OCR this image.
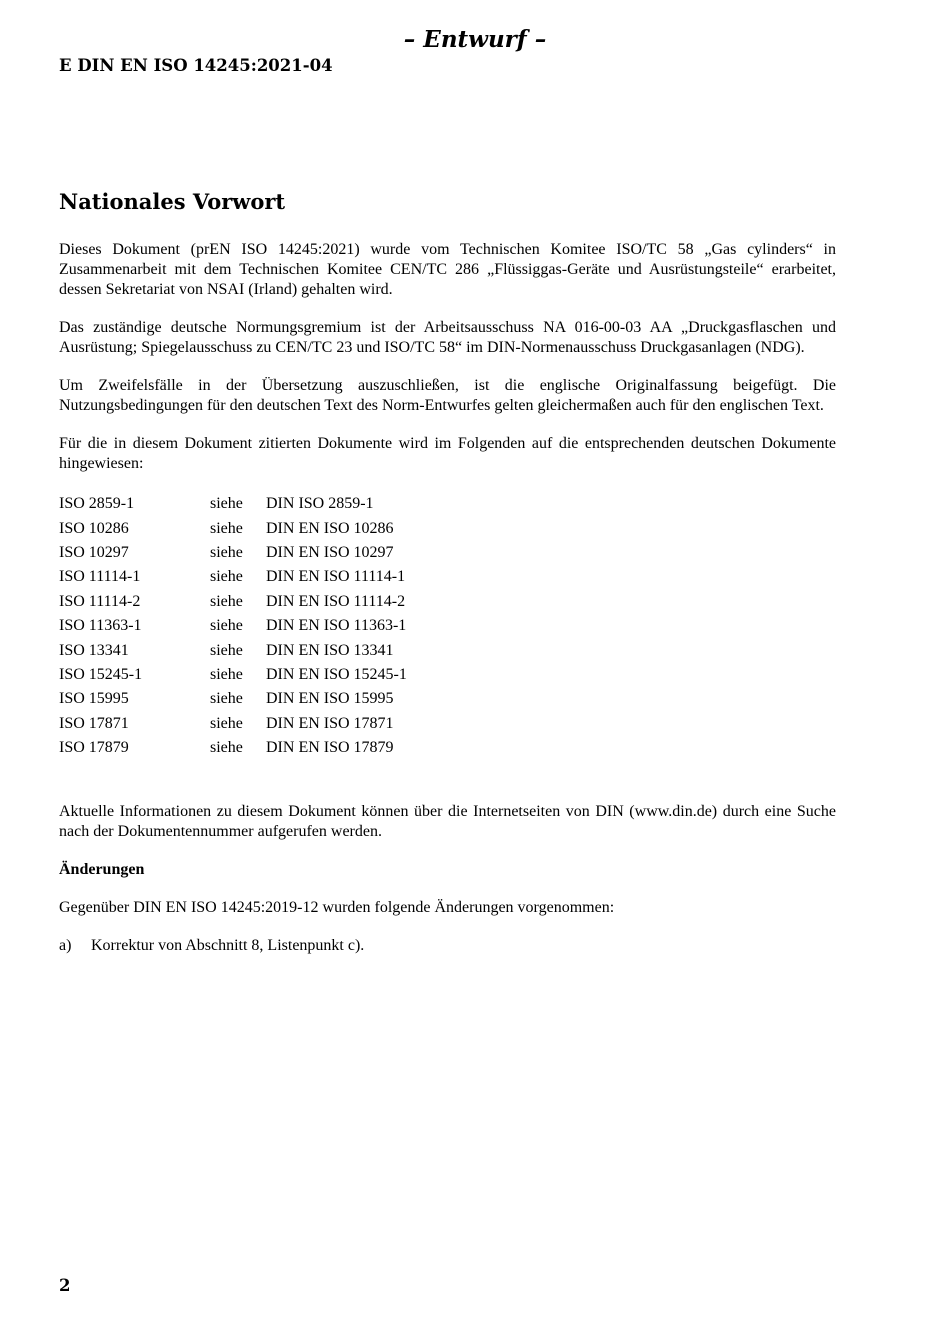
– Entwurf –
E DIN EN ISO 14245:2021-04
Nationales Vorwort

Dieses Dokument (prEN ISO 14245:2021) wurde vom Technischen Komitee ISO/TC 58 „Gas cylinders“ in Zusammenarbeit mit dem Technischen Komitee CEN/TC 286 „Flüssiggas-Geräte und Ausrüstungsteile“ erarbeitet, dessen Sekretariat von NSAI (Irland) gehalten wird.

Das zuständige deutsche Normungsgremium ist der Arbeitsausschuss NA 016-00-03 AA „Druckgasflaschen und Ausrüstung; Spiegelausschuss zu CEN/TC 23 und ISO/TC 58“ im DIN-Normenausschuss Druckgasanlagen (NDG).

Um Zweifelsfälle in der Übersetzung auszuschließen, ist die englische Originalfassung beigefügt. Die Nutzungsbedingungen für den deutschen Text des Norm-Entwurfes gelten gleichermaßen auch für den englischen Text.

Für die in diesem Dokument zitierten Dokumente wird im Folgenden auf die entsprechenden deutschen Dokumente hingewiesen:

ISO 2859-1	siehe	DIN ISO 2859-1
ISO 10286	siehe	DIN EN ISO 10286
ISO 10297	siehe	DIN EN ISO 10297
ISO 11114-1	siehe	DIN EN ISO 11114-1
ISO 11114-2	siehe	DIN EN ISO 11114-2
ISO 11363-1	siehe	DIN EN ISO 11363-1
ISO 13341	siehe	DIN EN ISO 13341
ISO 15245-1	siehe	DIN EN ISO 15245-1
ISO 15995	siehe	DIN EN ISO 15995
ISO 17871	siehe	DIN EN ISO 17871
ISO 17879	siehe	DIN EN ISO 17879

Aktuelle Informationen zu diesem Dokument können über die Internetseiten von DIN (www.din.de) durch eine Suche nach der Dokumentennummer aufgerufen werden.

Änderungen

Gegenüber DIN EN ISO 14245:2019-12 wurden folgende Änderungen vorgenommen:

a)	Korrektur von Abschnitt 8, Listenpunkt c).
2
